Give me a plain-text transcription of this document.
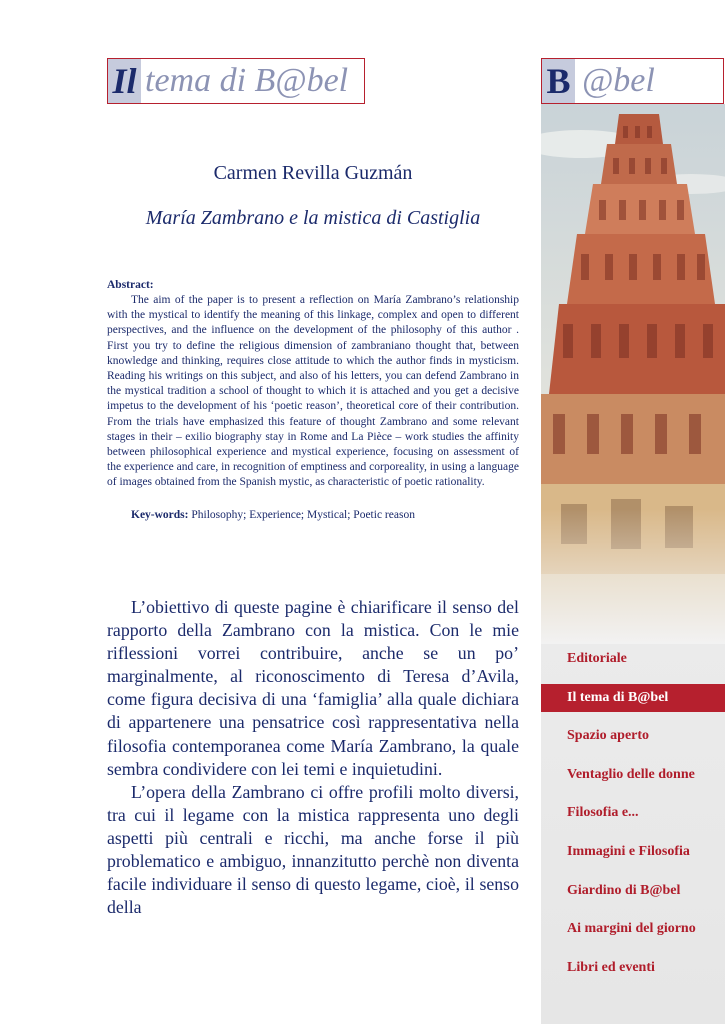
Il tema di B@bel	B @bel
Editoriale
Il tema di B@bel
Spazio aperto
Ventaglio delle donne
Filosofia e...
Immagini e Filosofia
Giardino di B@bel
Ai margini del giorno
Libri ed eventi
Carmen Revilla Guzmán
María Zambrano e la mistica di Castiglia
Abstract:

The aim of the paper is to present a reflection on María Zambrano’s relationship with the mystical to identify the meaning of this linkage, complex and open to different perspectives, and the influence on the development of the philosophy of this author . First you try to define the religious dimension of zambraniano thought that, between knowledge and thinking, requires close attitude to which the author finds in mysticism. Reading his writings on this subject, and also of his letters, you can defend Zambrano in the mystical tradition a school of thought to which it is attached and you get a decisive impetus to the development of his ‘poetic reason’, theoretical core of their contribution. From the trials have emphasized this feature of thought Zambrano and some relevant stages in their – exilio biography stay in Rome and La Pièce – work studies the affinity between philosophical experience and mystical experience, focusing on assessment of the experience and care, in recognition of emptiness and corporeality, in using a language of images obtained from the Spanish mystic, as characteristic of poetic rationality.

Key-words: Philosophy; Experience; Mystical; Poetic reason

L’obiettivo di queste pagine è chiarificare il senso del rapporto della Zambrano con la mistica. Con le mie riflessioni vorrei contribuire, anche se un po’ marginalmente, al riconoscimento di Teresa d’Avila, come figura decisiva di una ‘famiglia’ alla quale dichiara di appartenere una pensatrice così rappresentativa nella filosofia contemporanea come María Zambrano, la quale sembra condividere con lei temi e inquietudini.

L’opera della Zambrano ci offre profili molto diversi, tra cui il legame con la mistica rappresenta uno degli aspetti più centrali e ricchi, ma anche forse il più problematico e ambiguo, innanzitutto perchè non diventa facile individuare il senso di questo legame, cioè, il senso della
